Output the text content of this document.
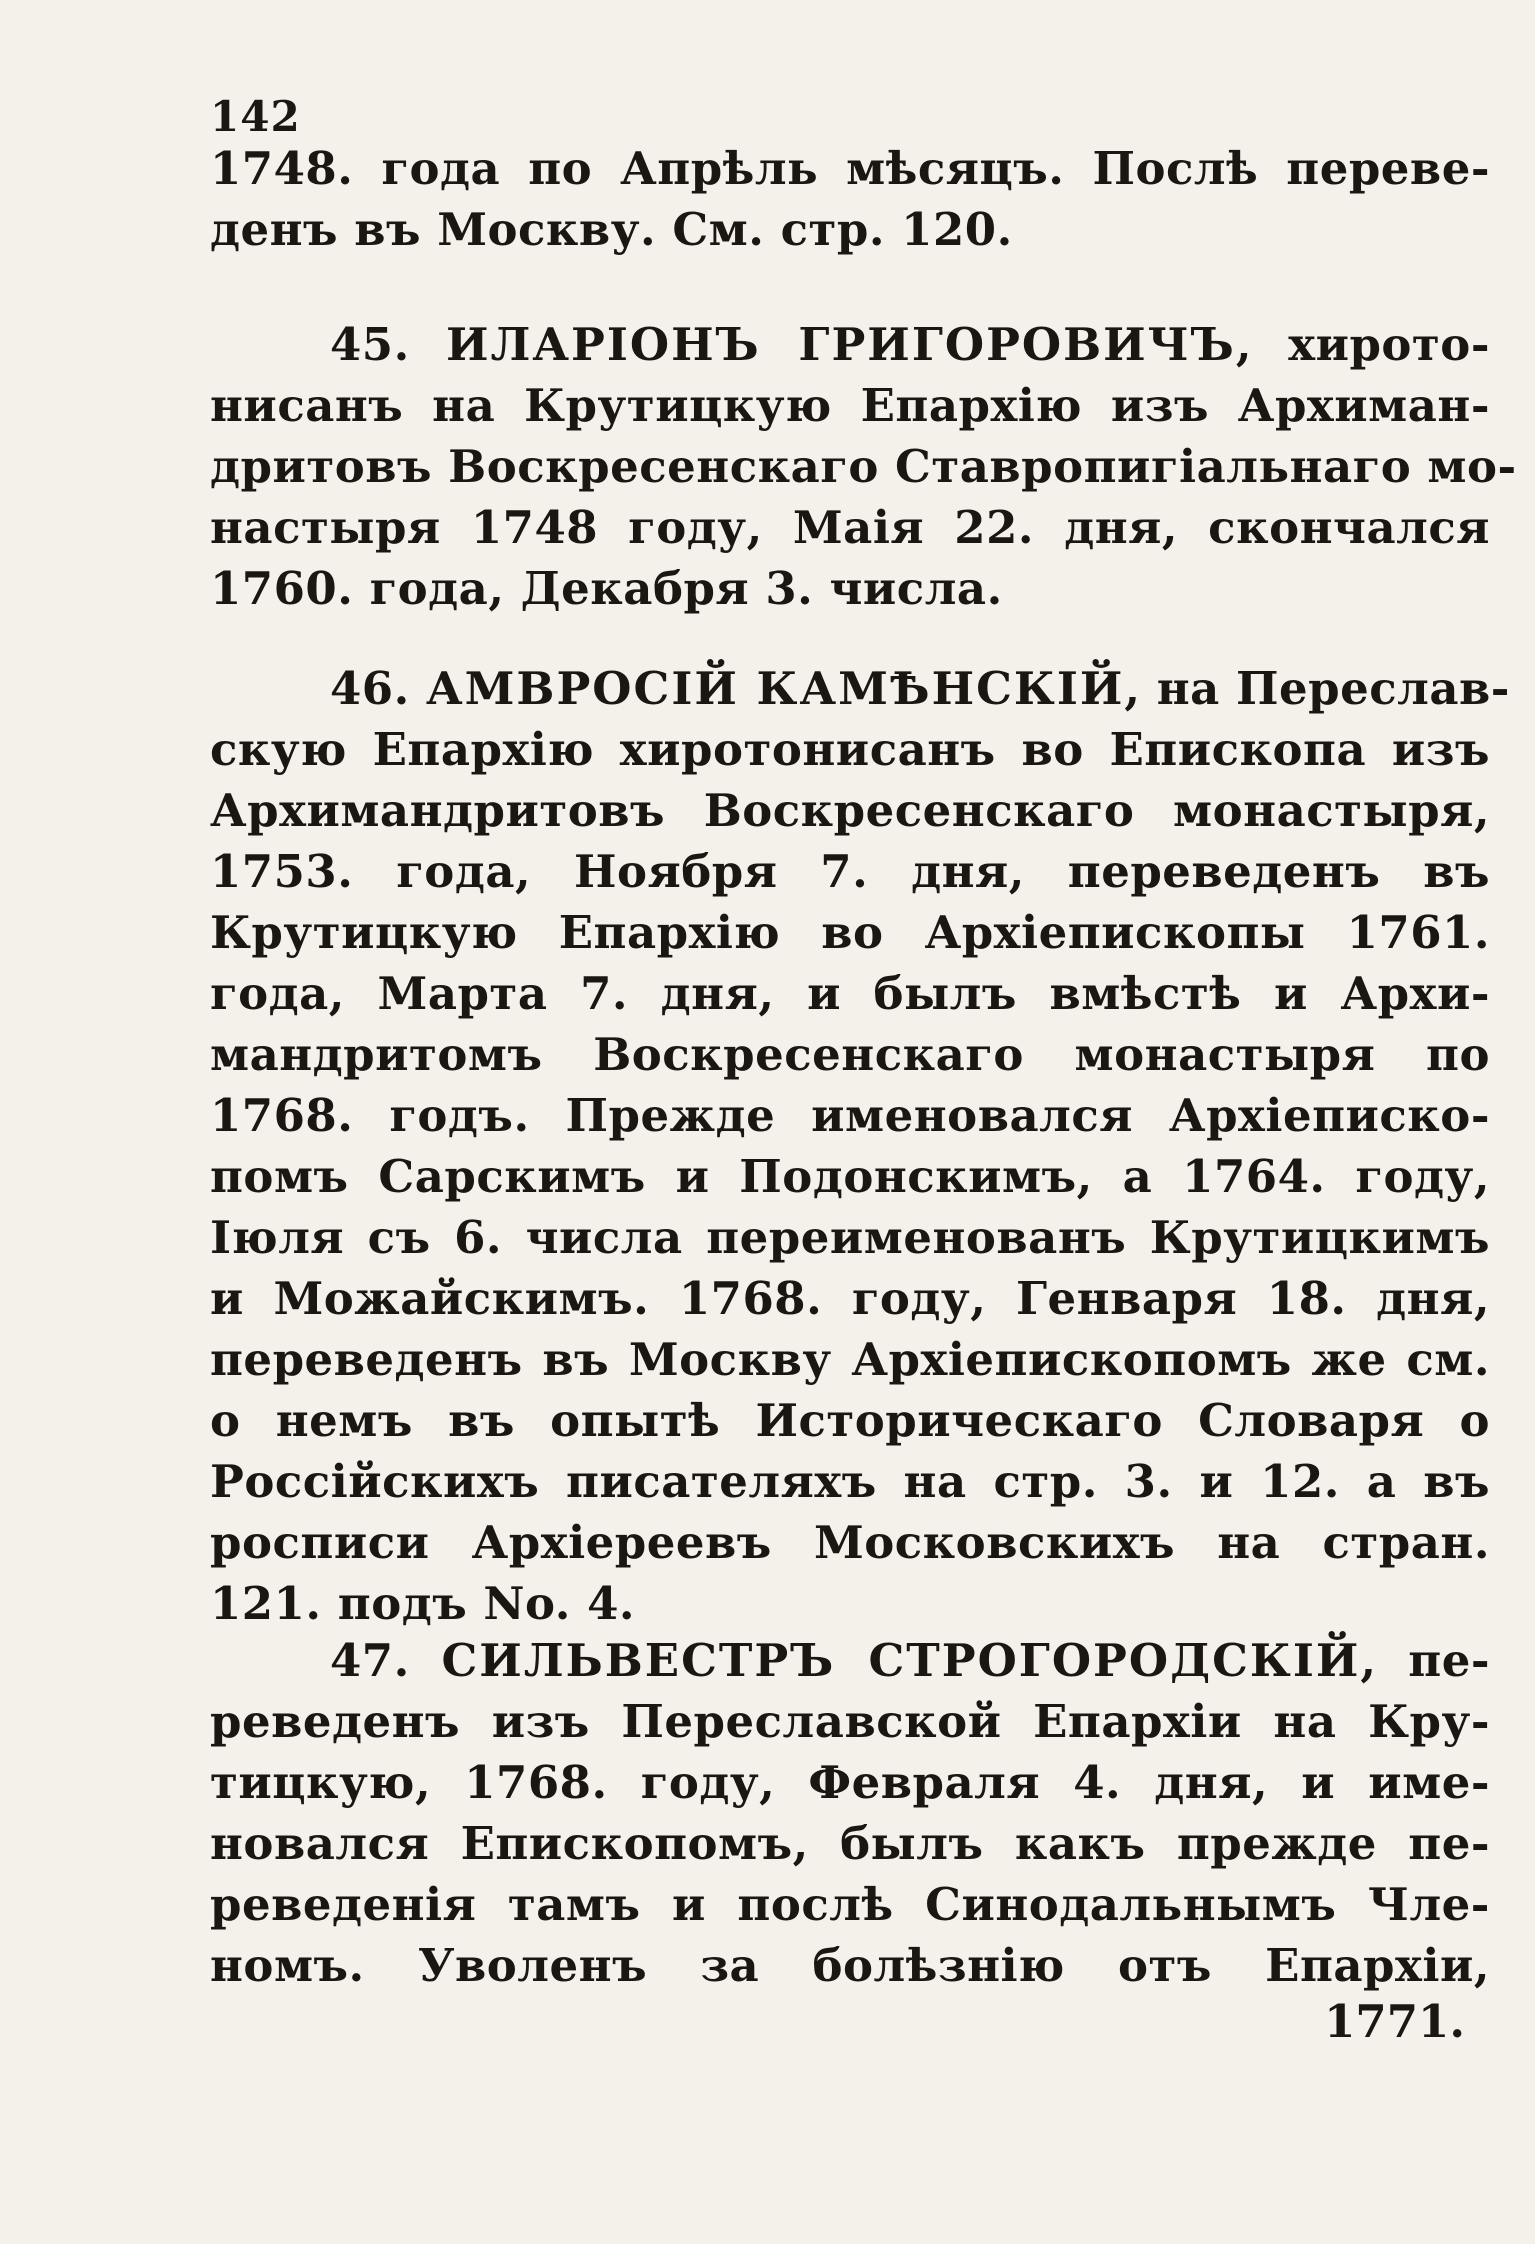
142
1748. года по Апрѣль мѣсяцъ. Послѣ переве-
денъ въ Москву. См. стр. 120.
45. ИЛАРІОНЪ ГРИГОРОВИЧЪ, хирото-
нисанъ на Крутицкую Епархію изъ Архиман-
дритовъ Воскресенскаго Ставропигіальнаго мо-
настыря 1748 году, Маія 22. дня, скончался
1760. года, Декабря 3. числа.
46. АМВРОСІЙ КАМѢНСКІЙ, на Переслав-
скую Епархію хиротонисанъ во Епископа изъ
Архимандритовъ Воскресенскаго монастыря,
1753. года, Ноября 7. дня, переведенъ въ
Крутицкую Епархію во Архіепископы 1761.
года, Марта 7. дня, и былъ вмѣстѣ и Архи-
мандритомъ Воскресенскаго монастыря по
1768. годъ. Прежде именовался Архіеписко-
помъ Сарскимъ и Подонскимъ, а 1764. году,
Іюля съ 6. числа переименованъ Крутицкимъ
и Можайскимъ. 1768. году, Генваря 18. дня,
переведенъ въ Москву Архіепископомъ же см.
о немъ въ опытѣ Историческаго Словаря о
Россійскихъ писателяхъ на стр. 3. и 12. а въ
росписи Архіереевъ Московскихъ на стран.
121. подъ No. 4.
47. СИЛЬВЕСТРЪ СТРОГОРОДСКІЙ, пе-
реведенъ изъ Переславской Епархіи на Кру-
тицкую, 1768. году, Февраля 4. дня, и име-
новался Епископомъ, былъ какъ прежде пе-
реведенія тамъ и послѣ Синодальнымъ Чле-
номъ. Уволенъ за болѣзнію отъ Епархіи,
1771.
